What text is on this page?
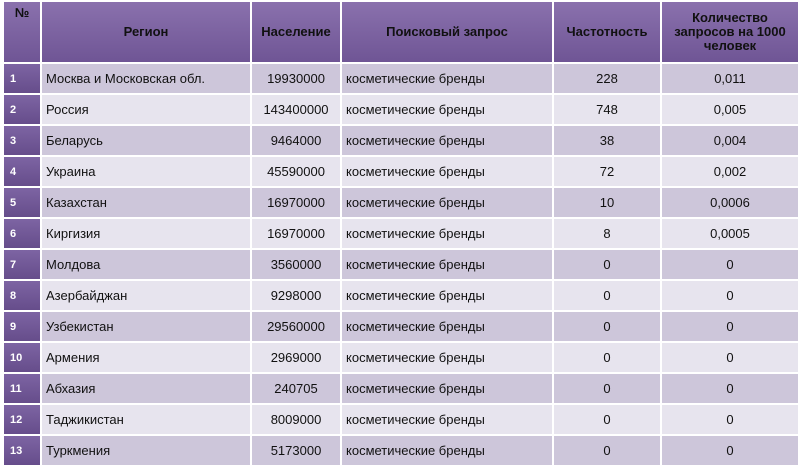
№	Регион	Население	Поисковый запрос	Частотность	Количество запросов на 1000 человек
1	Москва и Московская обл.	19930000	косметические бренды	228	0,011
2	Россия	143400000	косметические бренды	748	0,005
3	Беларусь	9464000	косметические бренды	38	0,004
4	Украина	45590000	косметические бренды	72	0,002
5	Казахстан	16970000	косметические бренды	10	0,0006
6	Киргизия	16970000	косметические бренды	8	0,0005
7	Молдова	3560000	косметические бренды	0	0
8	Азербайджан	9298000	косметические бренды	0	0
9	Узбекистан	29560000	косметические бренды	0	0
10	Армения	2969000	косметические бренды	0	0
11	Абхазия	240705	косметические бренды	0	0
12	Таджикистан	8009000	косметические бренды	0	0
13	Туркмения	5173000	косметические бренды	0	0
